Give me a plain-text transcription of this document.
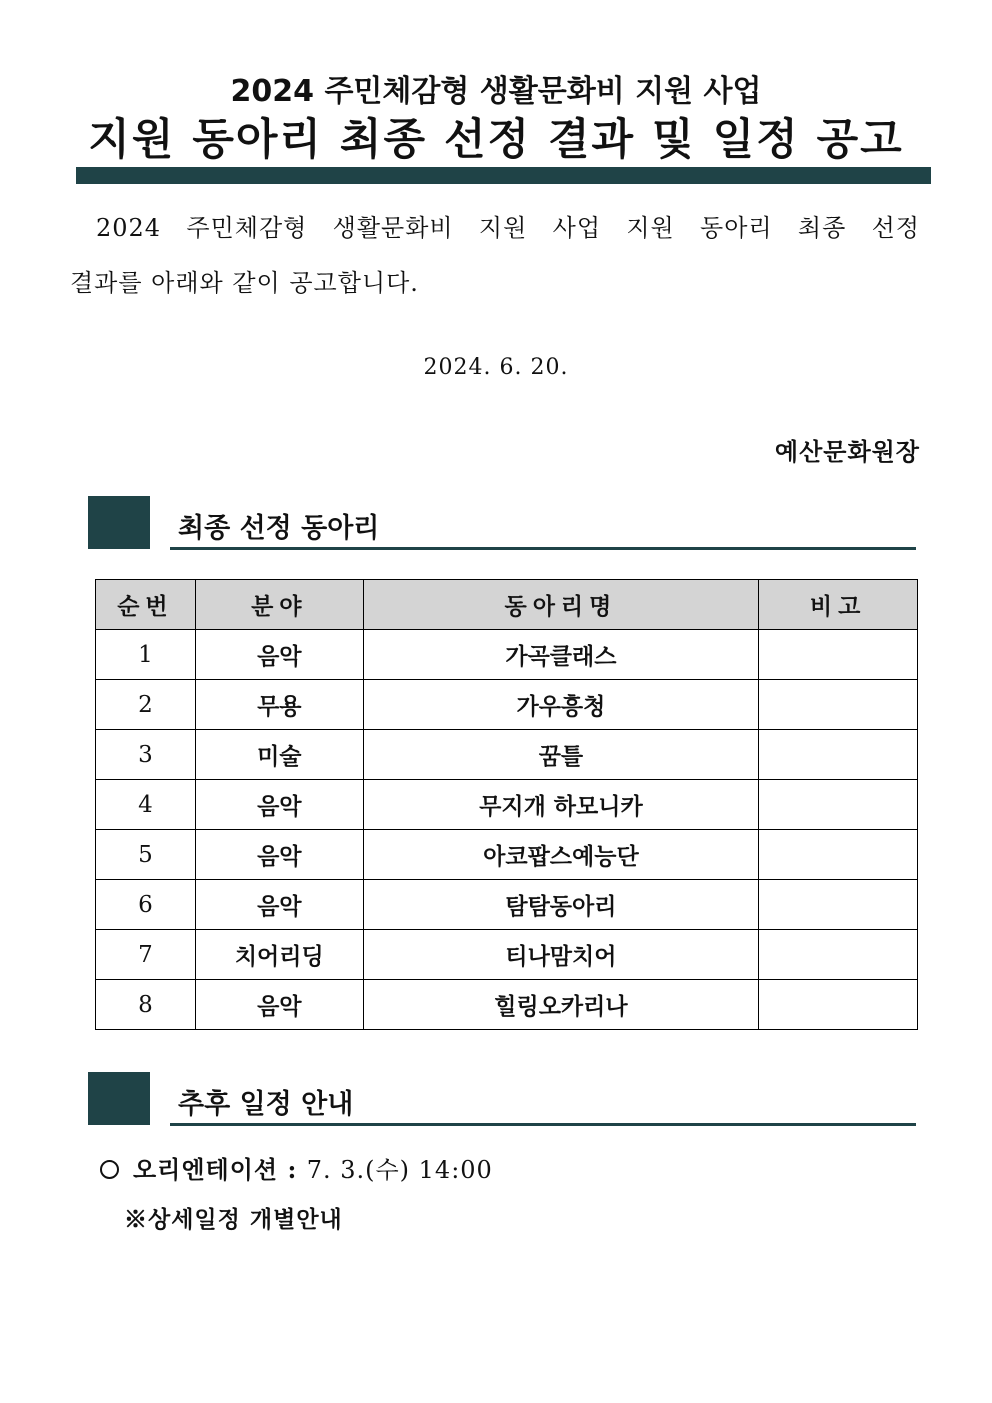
2024 주민체감형 생활문화비 지원 사업
지원 동아리 최종 선정 결과 및 일정 공고
2024 주민체감형 생활문화비 지원 사업 지원 동아리 최종 선정
결과를 아래와 같이 공고합니다.
2024. 6. 20.
예산문화원장
최종 선정 동아리
순번	분야	동아리명	비고
1	음악	가곡클래스	
2	무용	가우흥청	
3	미술	꿈틀	
4	음악	무지개 하모니카	
5	음악	아코팝스예능단	
6	음악	탐탐동아리	
7	치어리딩	티나맘치어	
8	음악	힐링오카리나	
추후 일정 안내
오리엔테이션 : 7. 3.(수) 14:00
※상세일정 개별안내
